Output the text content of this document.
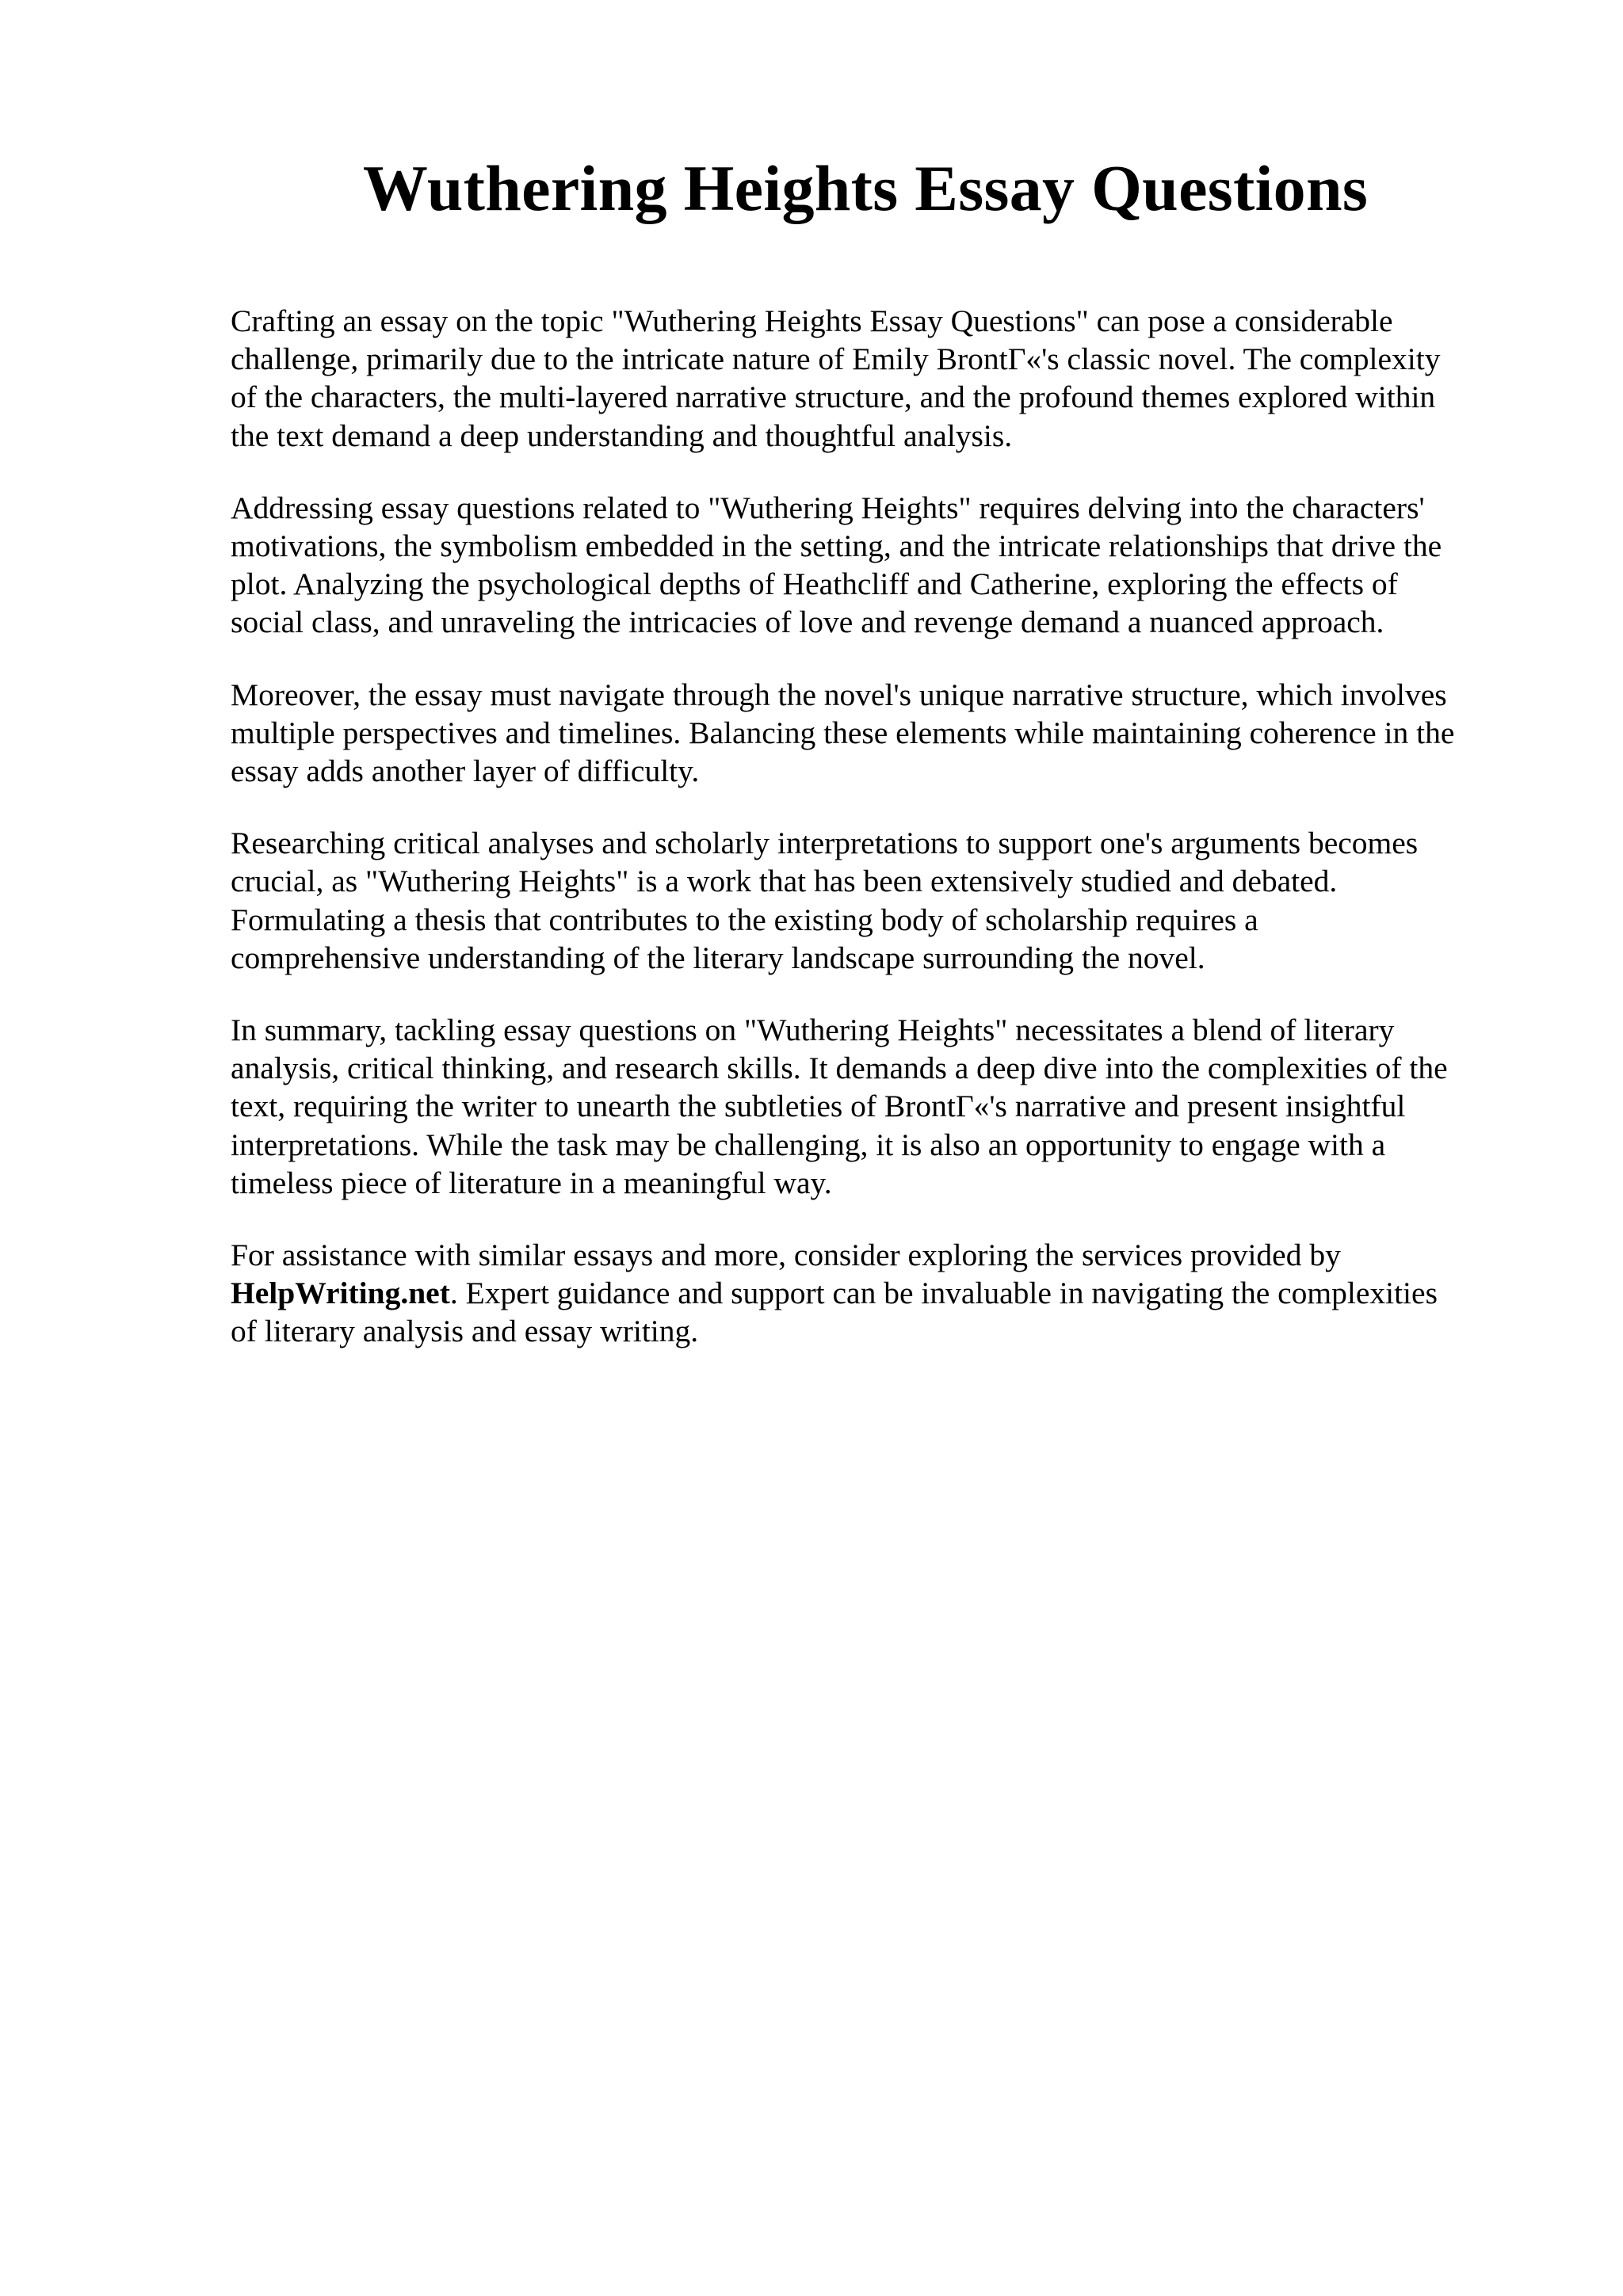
Wuthering Heights Essay Questions

Crafting an essay on the topic "Wuthering Heights Essay Questions" can pose a considerable
challenge, primarily due to the intricate nature of Emily BrontΓ«'s classic novel. The complexity
of the characters, the multi-layered narrative structure, and the profound themes explored within
the text demand a deep understanding and thoughtful analysis.

Addressing essay questions related to "Wuthering Heights" requires delving into the characters'
motivations, the symbolism embedded in the setting, and the intricate relationships that drive the
plot. Analyzing the psychological depths of Heathcliff and Catherine, exploring the effects of
social class, and unraveling the intricacies of love and revenge demand a nuanced approach.

Moreover, the essay must navigate through the novel's unique narrative structure, which involves
multiple perspectives and timelines. Balancing these elements while maintaining coherence in the
essay adds another layer of difficulty.

Researching critical analyses and scholarly interpretations to support one's arguments becomes
crucial, as "Wuthering Heights" is a work that has been extensively studied and debated.
Formulating a thesis that contributes to the existing body of scholarship requires a
comprehensive understanding of the literary landscape surrounding the novel.

In summary, tackling essay questions on "Wuthering Heights" necessitates a blend of literary
analysis, critical thinking, and research skills. It demands a deep dive into the complexities of the
text, requiring the writer to unearth the subtleties of BrontΓ«'s narrative and present insightful
interpretations. While the task may be challenging, it is also an opportunity to engage with a
timeless piece of literature in a meaningful way.

For assistance with similar essays and more, consider exploring the services provided by
HelpWriting.net. Expert guidance and support can be invaluable in navigating the complexities
of literary analysis and essay writing.
